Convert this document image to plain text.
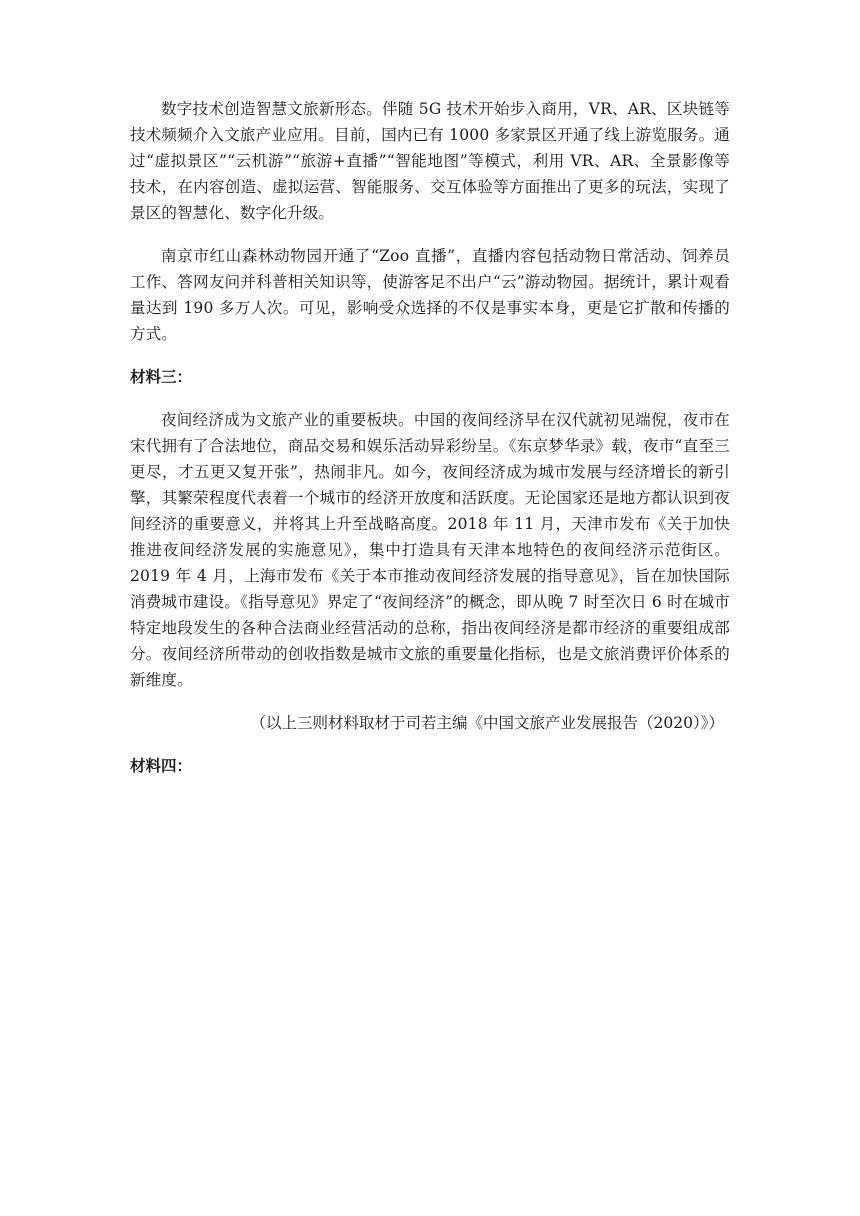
数字技术创造智慧文旅新形态。伴随 5G 技术开始步入商用，VR、AR、区块链等技术频频介入文旅产业应用。目前，国内已有 1000 多家景区开通了线上游览服务。通过“虚拟景区”“云机游”“旅游+直播”“智能地图”等模式，利用 VR、AR、全景影像等技术，在内容创造、虚拟运营、智能服务、交互体验等方面推出了更多的玩法，实现了景区的智慧化、数字化升级。

南京市红山森林动物园开通了“Zoo 直播”，直播内容包括动物日常活动、饲养员工作、答网友问并科普相关知识等，使游客足不出户“云”游动物园。据统计，累计观看量达到 190 多万人次。可见，影响受众选择的不仅是事实本身，更是它扩散和传播的方式。

材料三：

夜间经济成为文旅产业的重要板块。中国的夜间经济早在汉代就初见端倪，夜市在宋代拥有了合法地位，商品交易和娱乐活动异彩纷呈。《东京梦华录》载，夜市“直至三更尽，才五更又复开张”，热闹非凡。如今，夜间经济成为城市发展与经济增长的新引擎，其繁荣程度代表着一个城市的经济开放度和活跃度。无论国家还是地方都认识到夜间经济的重要意义，并将其上升至战略高度。2018 年 11 月，天津市发布《关于加快推进夜间经济发展的实施意见》，集中打造具有天津本地特色的夜间经济示范街区。2019 年 4 月，上海市发布《关于本市推动夜间经济发展的指导意见》，旨在加快国际消费城市建设。《指导意见》界定了“夜间经济”的概念，即从晚 7 时至次日 6 时在城市特定地段发生的各种合法商业经营活动的总称，指出夜间经济是都市经济的重要组成部分。夜间经济所带动的创收指数是城市文旅的重要量化指标，也是文旅消费评价体系的新维度。

（以上三则材料取材于司若主编《中国文旅产业发展报告（2020）》）

材料四：
